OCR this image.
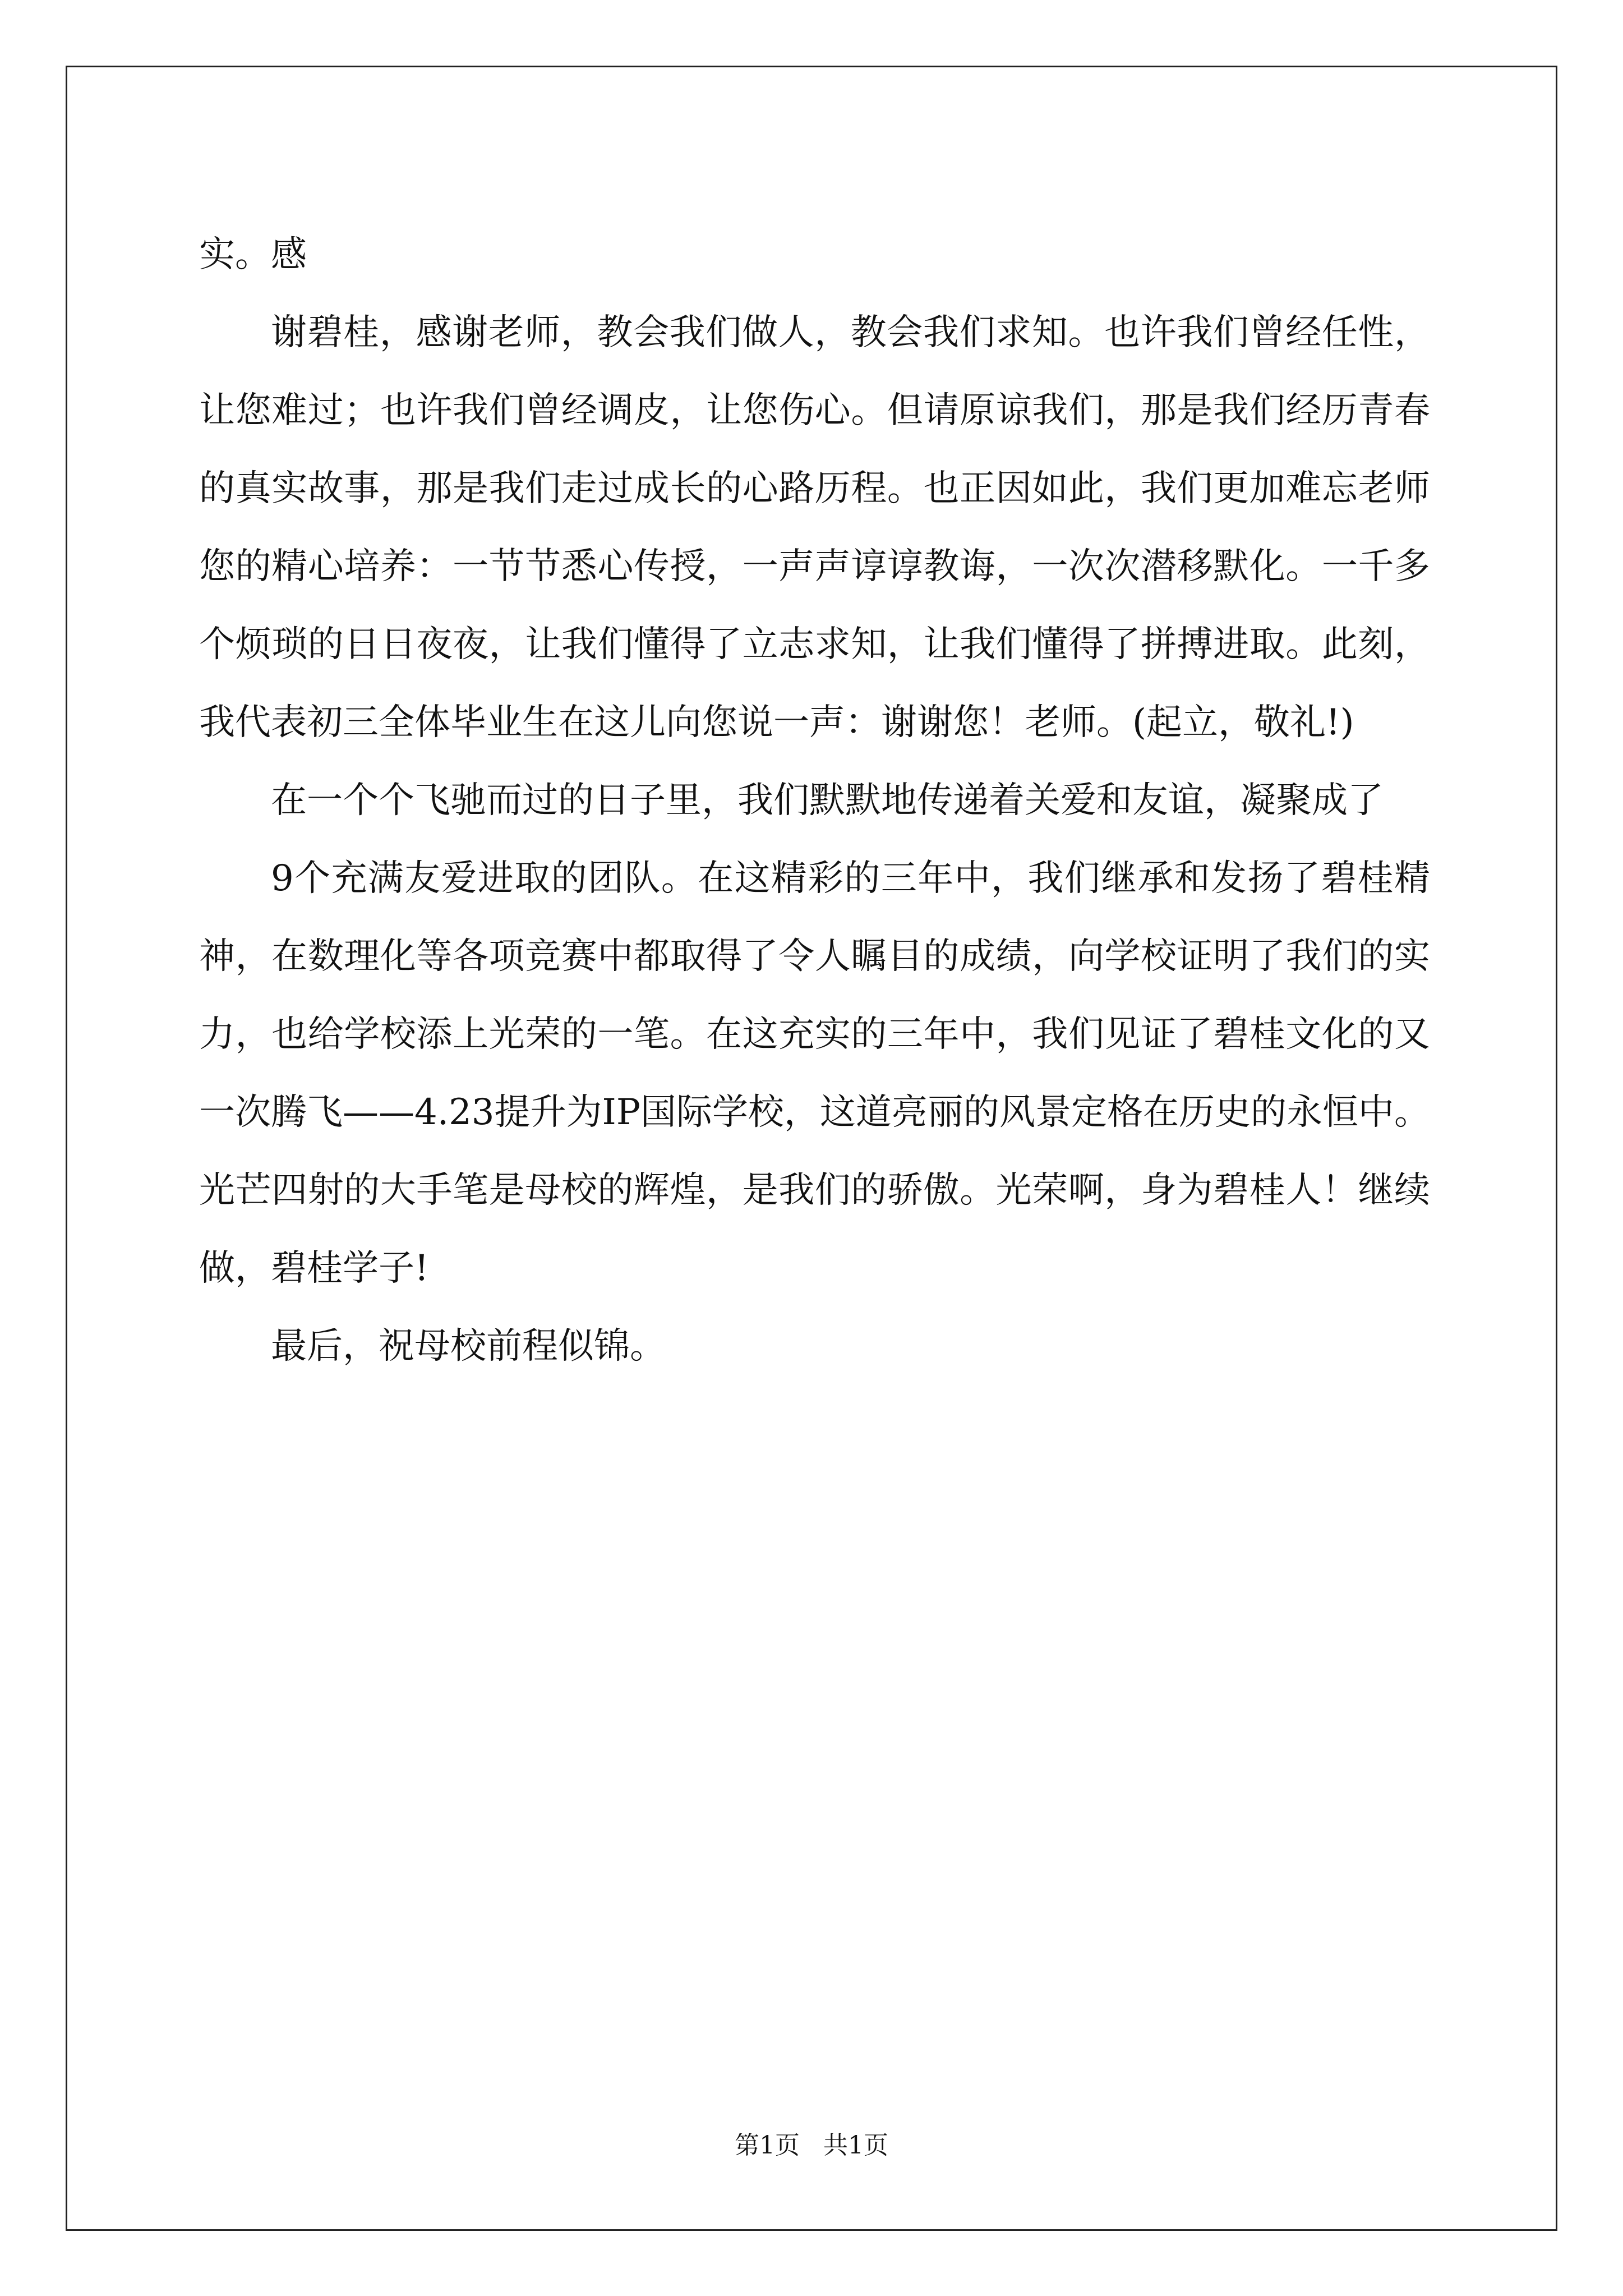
实。感

谢碧桂，感谢老师，教会我们做人，教会我们求知。也许我们曾经任性，让您难过；也许我们曾经调皮，让您伤心。但请原谅我们，那是我们经历青春的真实故事，那是我们走过成长的心路历程。也正因如此，我们更加难忘老师您的精心培养：一节节悉心传授，一声声谆谆教诲，一次次潜移默化。一千多个烦琐的日日夜夜，让我们懂得了立志求知，让我们懂得了拼搏进取。此刻，我代表初三全体毕业生在这儿向您说一声：谢谢您！老师。(起立，敬礼!)

在一个个飞驰而过的日子里，我们默默地传递着关爱和友谊，凝聚成了

9个充满友爱进取的团队。在这精彩的三年中，我们继承和发扬了碧桂精神，在数理化等各项竞赛中都取得了令人瞩目的成绩，向学校证明了我们的实力，也给学校添上光荣的一笔。在这充实的三年中，我们见证了碧桂文化的又一次腾飞——4.23提升为IP国际学校，这道亮丽的风景定格在历史的永恒中。光芒四射的大手笔是母校的辉煌，是我们的骄傲。光荣啊，身为碧桂人！继续做，碧桂学子!

最后，祝母校前程似锦。

第1页   共1页
